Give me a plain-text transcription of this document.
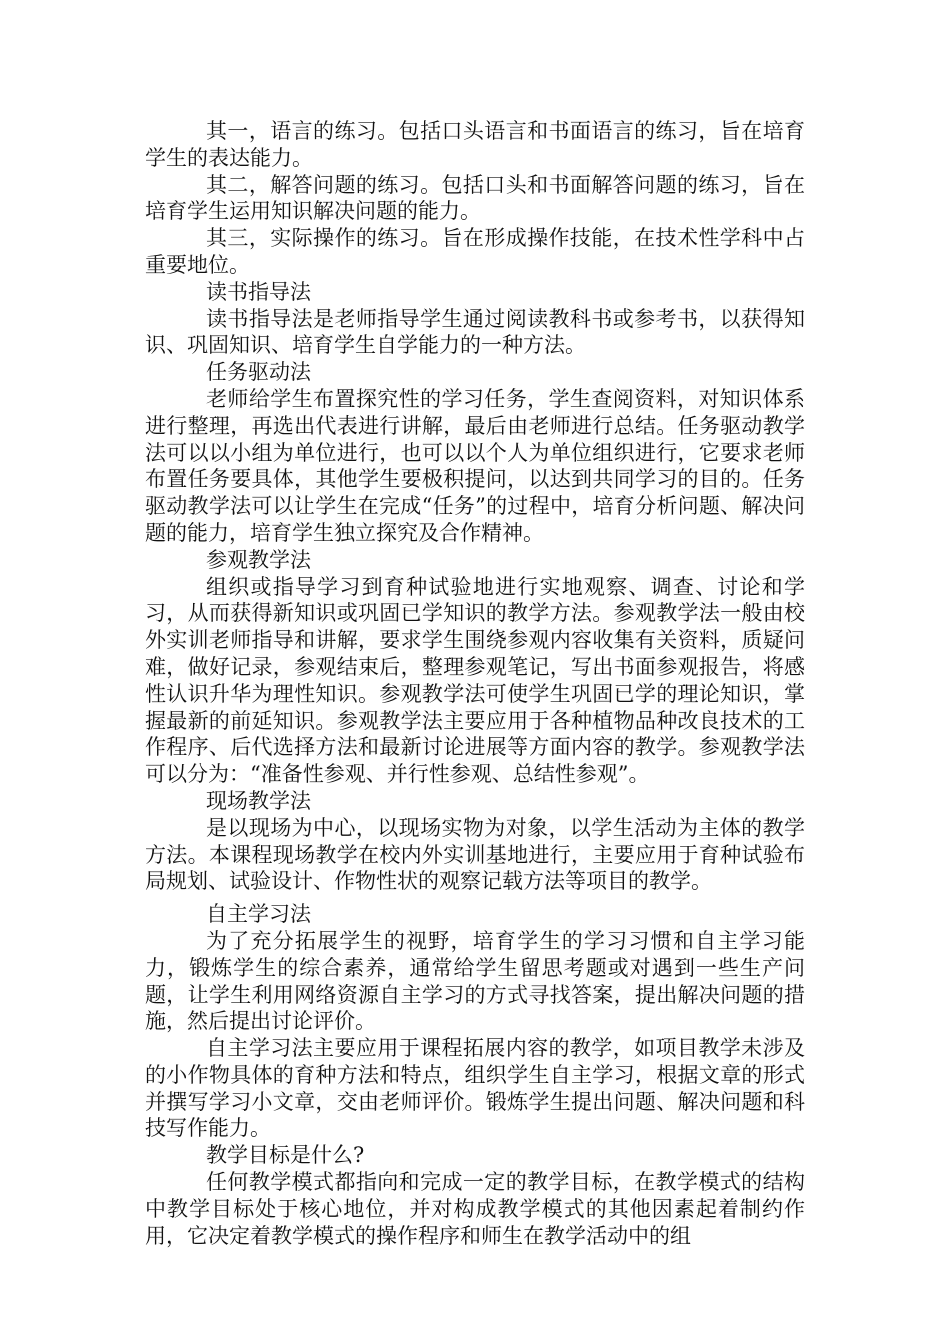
其一，语言的练习。包括口头语言和书面语言的练习，旨在培育学生的表达能力。

其二，解答问题的练习。包括口头和书面解答问题的练习，旨在培育学生运用知识解决问题的能力。

其三，实际操作的练习。旨在形成操作技能，在技术性学科中占重要地位。

读书指导法

读书指导法是老师指导学生通过阅读教科书或参考书，以获得知识、巩固知识、培育学生自学能力的一种方法。

任务驱动法

老师给学生布置探究性的学习任务，学生查阅资料，对知识体系进行整理，再选出代表进行讲解，最后由老师进行总结。任务驱动教学法可以以小组为单位进行，也可以以个人为单位组织进行，它要求老师布置任务要具体，其他学生要极积提问，以达到共同学习的目的。任务驱动教学法可以让学生在完成“任务”的过程中，培育分析问题、解决问题的能力，培育学生独立探究及合作精神。

参观教学法

组织或指导学习到育种试验地进行实地观察、调查、讨论和学习，从而获得新知识或巩固已学知识的教学方法。参观教学法一般由校外实训老师指导和讲解，要求学生围绕参观内容收集有关资料，质疑问难，做好记录，参观结束后，整理参观笔记，写出书面参观报告，将感性认识升华为理性知识。参观教学法可使学生巩固已学的理论知识，掌握最新的前延知识。参观教学法主要应用于各种植物品种改良技术的工作程序、后代选择方法和最新讨论进展等方面内容的教学。参观教学法可以分为：“准备性参观、并行性参观、总结性参观”。

现场教学法

是以现场为中心，以现场实物为对象，以学生活动为主体的教学方法。本课程现场教学在校内外实训基地进行，主要应用于育种试验布局规划、试验设计、作物性状的观察记载方法等项目的教学。

自主学习法

为了充分拓展学生的视野，培育学生的学习习惯和自主学习能力，锻炼学生的综合素养，通常给学生留思考题或对遇到一些生产问题，让学生利用网络资源自主学习的方式寻找答案，提出解决问题的措施，然后提出讨论评价。

自主学习法主要应用于课程拓展内容的教学，如项目教学未涉及的小作物具体的育种方法和特点，组织学生自主学习，根据文章的形式并撰写学习小文章，交由老师评价。锻炼学生提出问题、解决问题和科技写作能力。

教学目标是什么?

任何教学模式都指向和完成一定的教学目标，在教学模式的结构中教学目标处于核心地位，并对构成教学模式的其他因素起着制约作用，它决定着教学模式的操作程序和师生在教学活动中的组
